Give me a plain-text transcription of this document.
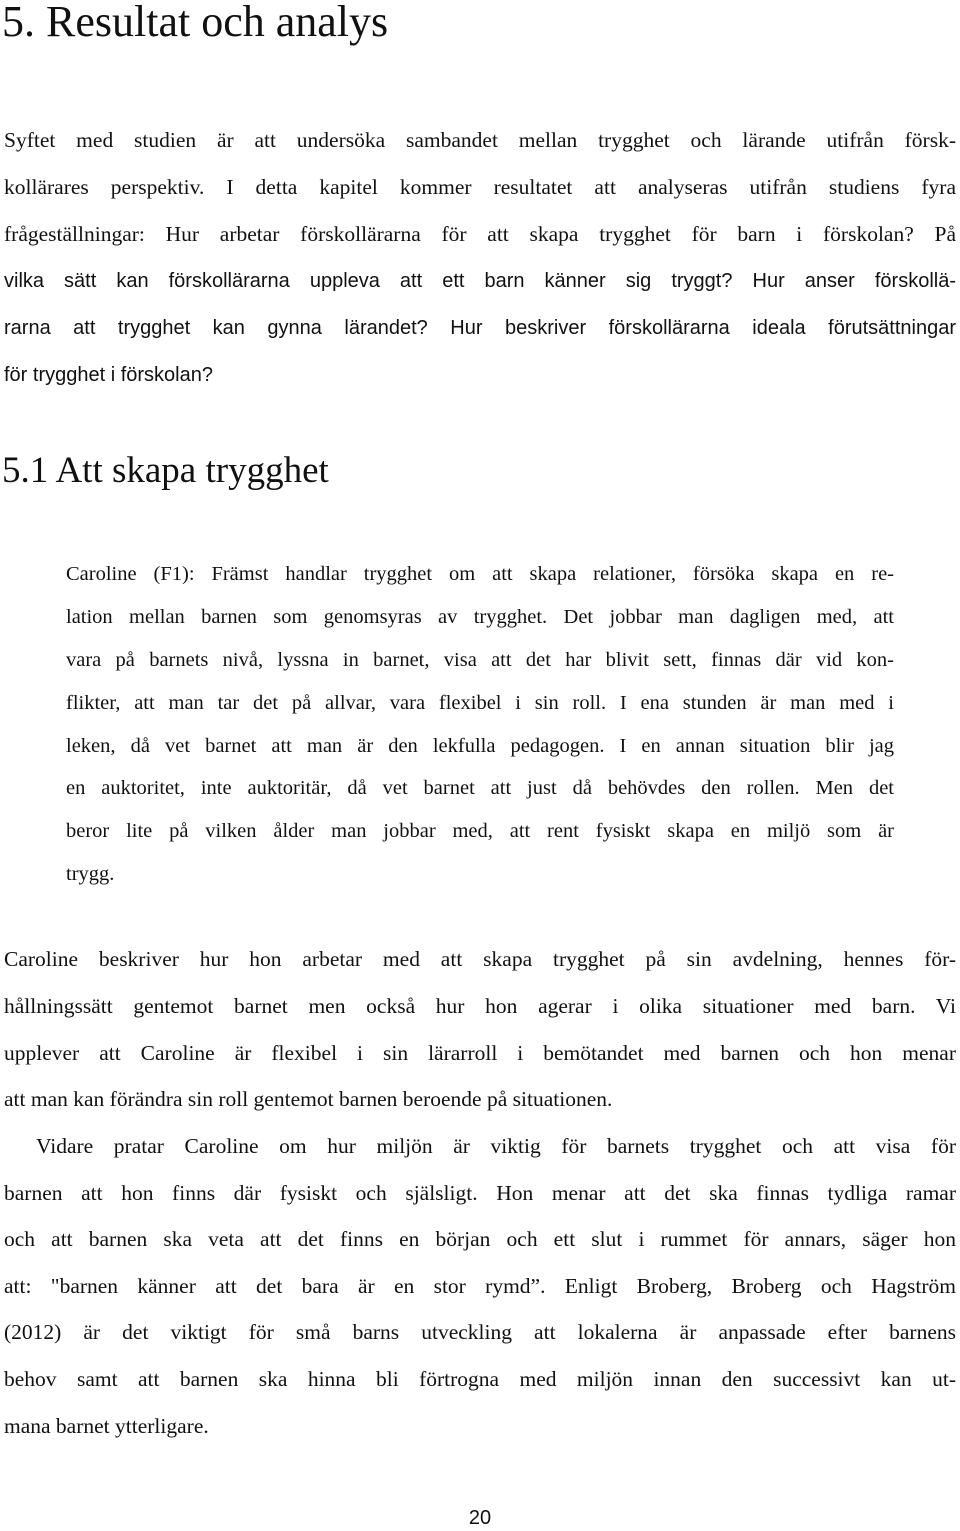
5. Resultat och analys

Syftet med studien är att undersöka sambandet mellan trygghet och lärande utifrån försk-

kollärares perspektiv. I detta kapitel kommer resultatet att analyseras utifrån studiens fyra

frågeställningar: Hur arbetar förskollärarna för att skapa trygghet för barn i förskolan? På

vilka sätt kan förskollärarna uppleva att ett barn känner sig tryggt? Hur anser förskollä-

rarna att trygghet kan gynna lärandet? Hur beskriver förskollärarna ideala förutsättningar

för trygghet i förskolan?

5.1 Att skapa trygghet

Caroline (F1): Främst handlar trygghet om att skapa relationer, försöka skapa en re-

lation mellan barnen som genomsyras av trygghet. Det jobbar man dagligen med, att

vara på barnets nivå, lyssna in barnet, visa att det har blivit sett, finnas där vid kon-

flikter, att man tar det på allvar, vara flexibel i sin roll. I ena stunden är man med i

leken, då vet barnet att man är den lekfulla pedagogen. I en annan situation blir jag

en auktoritet, inte auktoritär, då vet barnet att just då behövdes den rollen. Men det

beror lite på vilken ålder man jobbar med, att rent fysiskt skapa en miljö som är

trygg.

Caroline beskriver hur hon arbetar med att skapa trygghet på sin avdelning, hennes för-

hållningssätt gentemot barnet men också hur hon agerar i olika situationer med barn. Vi

upplever att Caroline är flexibel i sin lärarroll i bemötandet med barnen och hon menar

att man kan förändra sin roll gentemot barnen beroende på situationen.

Vidare pratar Caroline om hur miljön är viktig för barnets trygghet och att visa för

barnen att hon finns där fysiskt och själsligt. Hon menar att det ska finnas tydliga ramar

och att barnen ska veta att det finns en början och ett slut i rummet för annars, säger hon

att: "barnen känner att det bara är en stor rymd”. Enligt Broberg, Broberg och Hagström

(2012) är det viktigt för små barns utveckling att lokalerna är anpassade efter barnens

behov samt att barnen ska hinna bli förtrogna med miljön innan den successivt kan ut-

mana barnet ytterligare.

20
